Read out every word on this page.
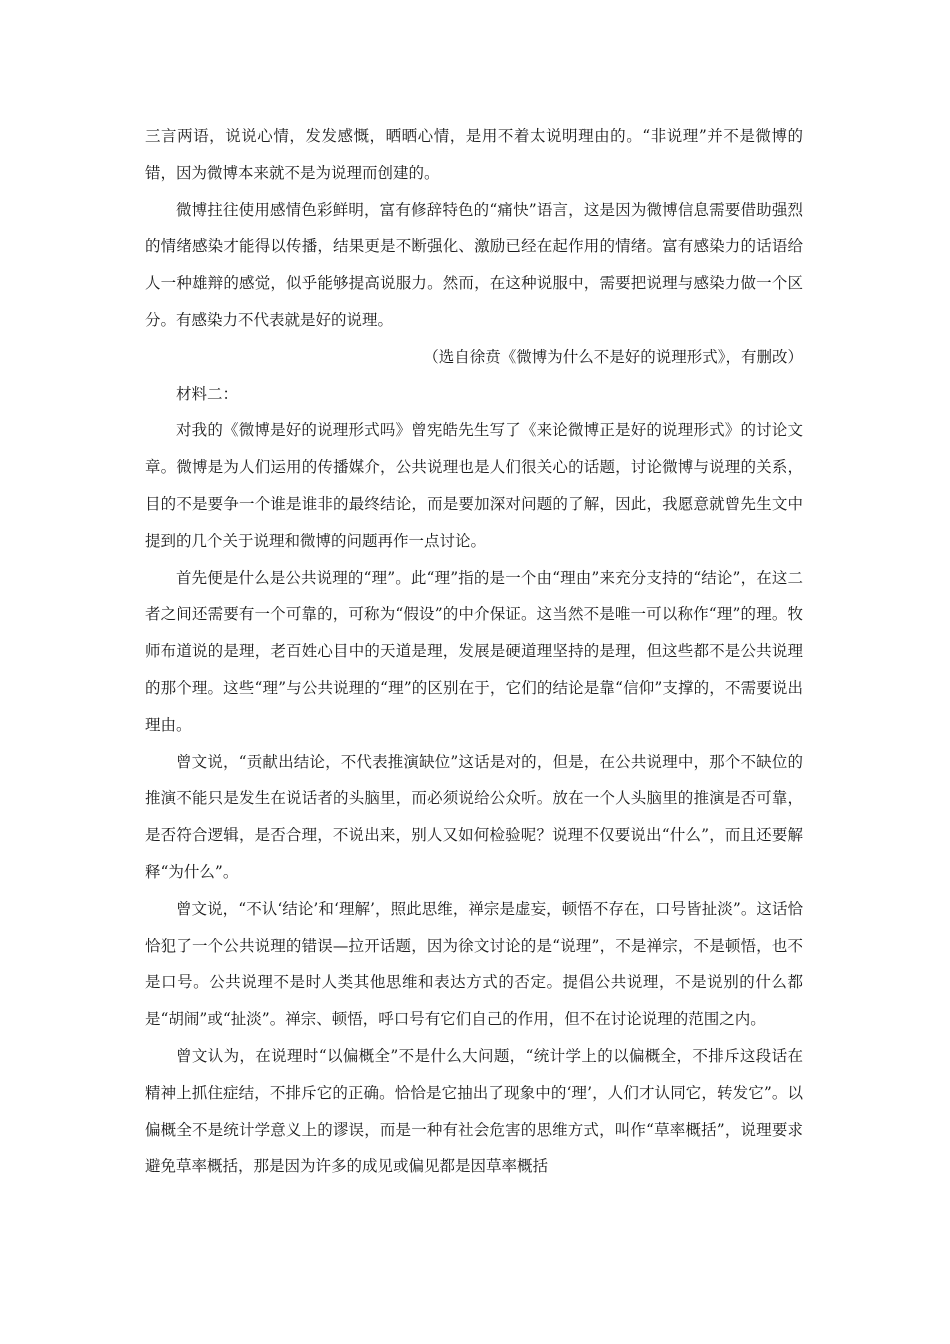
三言两语，说说心情，发发感慨，晒晒心情，是用不着太说明理由的。“非说理”并不是微博的错，因为微博本来就不是为说理而创建的。

微博拄往使用感情色彩鲜明，富有修辞特色的“痛快”语言，这是因为微博信息需要借助强烈的情绪感染才能得以传播，结果更是不断强化、激励已经在起作用的情绪。富有感染力的话语给人一种雄辩的感觉，似乎能够提高说服力。然而，在这种说服中，需要把说理与感染力做一个区分。有感染力不代表就是好的说理。

（选自徐贲《微博为什么不是好的说理形式》，有删改）

材料二：

对我的《微博是好的说理形式吗》曾宪皓先生写了《来论微博正是好的说理形式》的讨论文章。微博是为人们运用的传播媒介，公共说理也是人们很关心的话题，讨论微博与说理的关系，目的不是要争一个谁是谁非的最终结论，而是要加深对问题的了解，因此，我愿意就曾先生文中提到的几个关于说理和微博的问题再作一点讨论。

首先便是什么是公共说理的“理”。此“理”指的是一个由“理由”来充分支持的“结论”，在这二者之间还需要有一个可靠的，可称为“假设”的中介保证。这当然不是唯一可以称作“理”的理。牧师布道说的是理，老百姓心目中的天道是理，发展是硬道理坚持的是理，但这些都不是公共说理的那个理。这些“理”与公共说理的“理”的区别在于，它们的结论是靠“信仰”支撑的，不需要说出理由。

曾文说，“贡献出结论，不代表推演缺位”这话是对的，但是，在公共说理中，那个不缺位的推演不能只是发生在说话者的头脑里，而必须说给公众听。放在一个人头脑里的推演是否可靠，是否符合逻辑，是否合理，不说出来，别人又如何检验呢？说理不仅要说出“什么”，而且还要解释“为什么”。

曾文说，“不认‘结论’和‘理解’，照此思维，禅宗是虚妄，顿悟不存在，口号皆扯淡”。这话恰恰犯了一个公共说理的错误—拉开话题，因为徐文讨论的是“说理”，不是禅宗，不是顿悟，也不是口号。公共说理不是时人类其他思维和表达方式的否定。提倡公共说理，不是说别的什么都是“胡闹”或“扯淡”。禅宗、顿悟，呼口号有它们自己的作用，但不在讨论说理的范围之内。

曾文认为，在说理时“以偏概全”不是什么大问题，“统计学上的以偏概全，不排斥这段话在精神上抓住症结，不排斥它的正确。恰恰是它抽出了现象中的‘理’，人们才认同它，转发它”。以偏概全不是统计学意义上的谬误，而是一种有社会危害的思维方式，叫作“草率概括”，说理要求避免草率概括，那是因为许多的成见或偏见都是因草率概括
